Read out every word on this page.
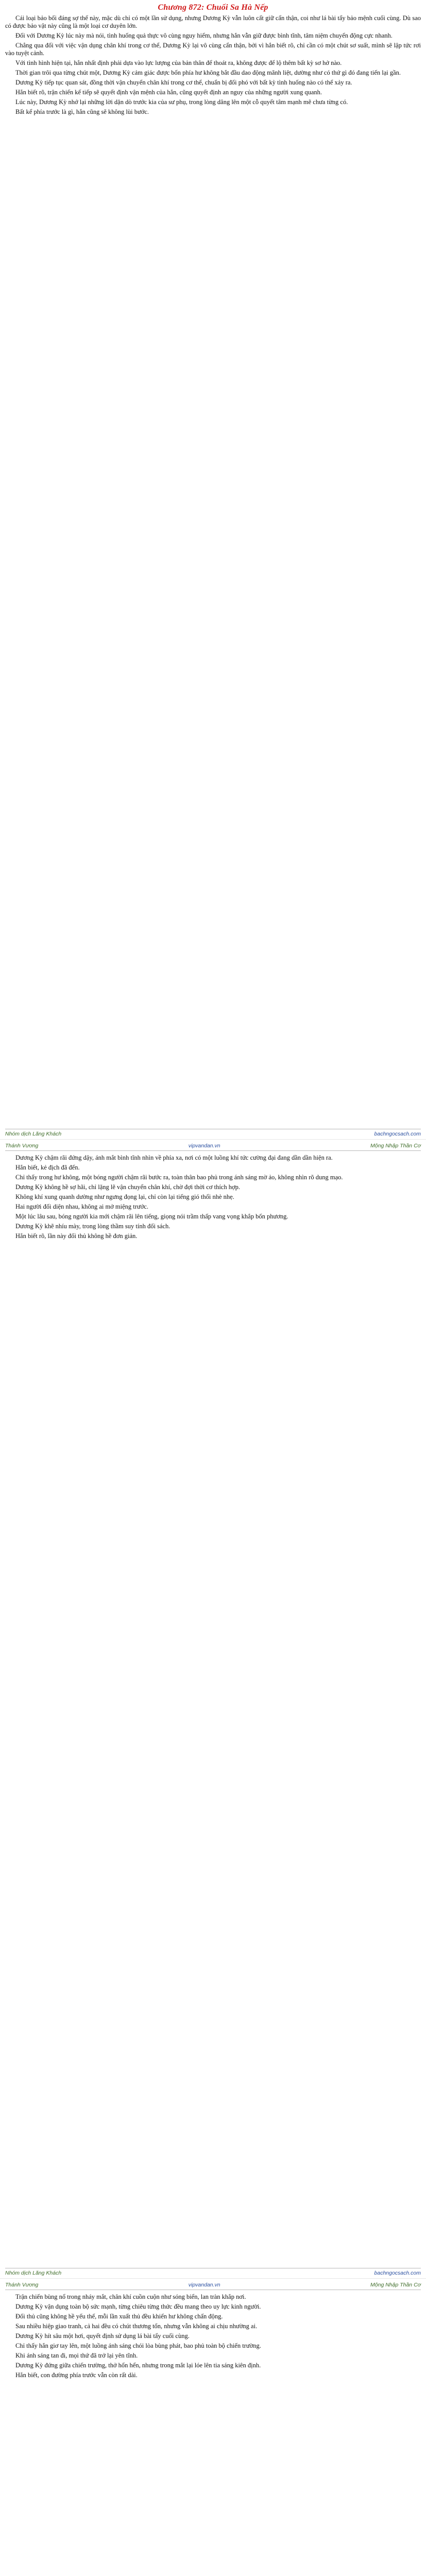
Chương 872: Chuối Sa Hà Nếp

Cái loại bảo bối đáng sợ thế này, mặc dù chỉ có một lần sử dụng, nhưng Dương Kỳ vẫn luôn cất giữ cẩn thận, coi như lá bài tẩy bảo mệnh cuối cùng. Dù sao có được bảo vật này cũng là một loại cơ duyên lớn.

Đối với Dương Kỳ lúc này mà nói, tình huống quả thực vô cùng nguy hiểm, nhưng hắn vẫn giữ được bình tĩnh, tâm niệm chuyển động cực nhanh.

Chẳng qua đối với việc vận dụng chân khí trong cơ thể, Dương Kỳ lại vô cùng cẩn thận, bởi vì hắn biết rõ, chỉ cần có một chút sơ suất, mình sẽ lập tức rơi vào tuyệt cảnh.

Với tình hình hiện tại, hắn nhất định phải dựa vào lực lượng của bản thân để thoát ra, không được để lộ thêm bất kỳ sơ hở nào.

Thời gian trôi qua từng chút một, Dương Kỳ cảm giác được bốn phía hư không bắt đầu dao động mãnh liệt, dường như có thứ gì đó đang tiến lại gần.

Dương Kỳ tiếp tục quan sát, đồng thời vận chuyển chân khí trong cơ thể, chuẩn bị đối phó với bất kỳ tình huống nào có thể xảy ra.

Hắn biết rõ, trận chiến kế tiếp sẽ quyết định vận mệnh của hắn, cũng quyết định an nguy của những người xung quanh.

Lúc này, Dương Kỳ nhớ lại những lời dặn dò trước kia của sư phụ, trong lòng dâng lên một cỗ quyết tâm mạnh mẽ chưa từng có.

Bất kể phía trước là gì, hắn cũng sẽ không lùi bước.

Nhóm dịch Lãng Khách	bachngocsach.com
Thánh Vương	vipvandan.vn	Mộng Nhập Thần Cơ

Dương Kỳ chậm rãi đứng dậy, ánh mắt bình tĩnh nhìn về phía xa, nơi có một luồng khí tức cường đại đang dần dần hiện ra.

Hắn biết, kẻ địch đã đến.

Chỉ thấy trong hư không, một bóng người chậm rãi bước ra, toàn thân bao phủ trong ánh sáng mờ ảo, không nhìn rõ dung mạo.

Dương Kỳ không hề sợ hãi, chỉ lặng lẽ vận chuyển chân khí, chờ đợi thời cơ thích hợp.

Không khí xung quanh dường như ngưng đọng lại, chỉ còn lại tiếng gió thổi nhè nhẹ.

Hai người đối diện nhau, không ai mở miệng trước.

Một lúc lâu sau, bóng người kia mới chậm rãi lên tiếng, giọng nói trầm thấp vang vọng khắp bốn phương.

Dương Kỳ khẽ nhíu mày, trong lòng thầm suy tính đối sách.

Hắn biết rõ, lần này đối thủ không hề đơn giản.

Nhóm dịch Lãng Khách	bachngocsach.com
Thánh Vương	vipvandan.vn	Mộng Nhập Thần Cơ

Trận chiến bùng nổ trong nháy mắt, chân khí cuồn cuộn như sóng biển, lan tràn khắp nơi.

Dương Kỳ vận dụng toàn bộ sức mạnh, từng chiêu từng thức đều mang theo uy lực kinh người.

Đối thủ cũng không hề yếu thế, mỗi lần xuất thủ đều khiến hư không chấn động.

Sau nhiều hiệp giao tranh, cả hai đều có chút thương tổn, nhưng vẫn không ai chịu nhường ai.

Dương Kỳ hít sâu một hơi, quyết định sử dụng lá bài tẩy cuối cùng.

Chỉ thấy hắn giơ tay lên, một luồng ánh sáng chói lòa bùng phát, bao phủ toàn bộ chiến trường.

Khi ánh sáng tan đi, mọi thứ đã trở lại yên tĩnh.

Dương Kỳ đứng giữa chiến trường, thở hổn hển, nhưng trong mắt lại lóe lên tia sáng kiên định.

Hắn biết, con đường phía trước vẫn còn rất dài.
